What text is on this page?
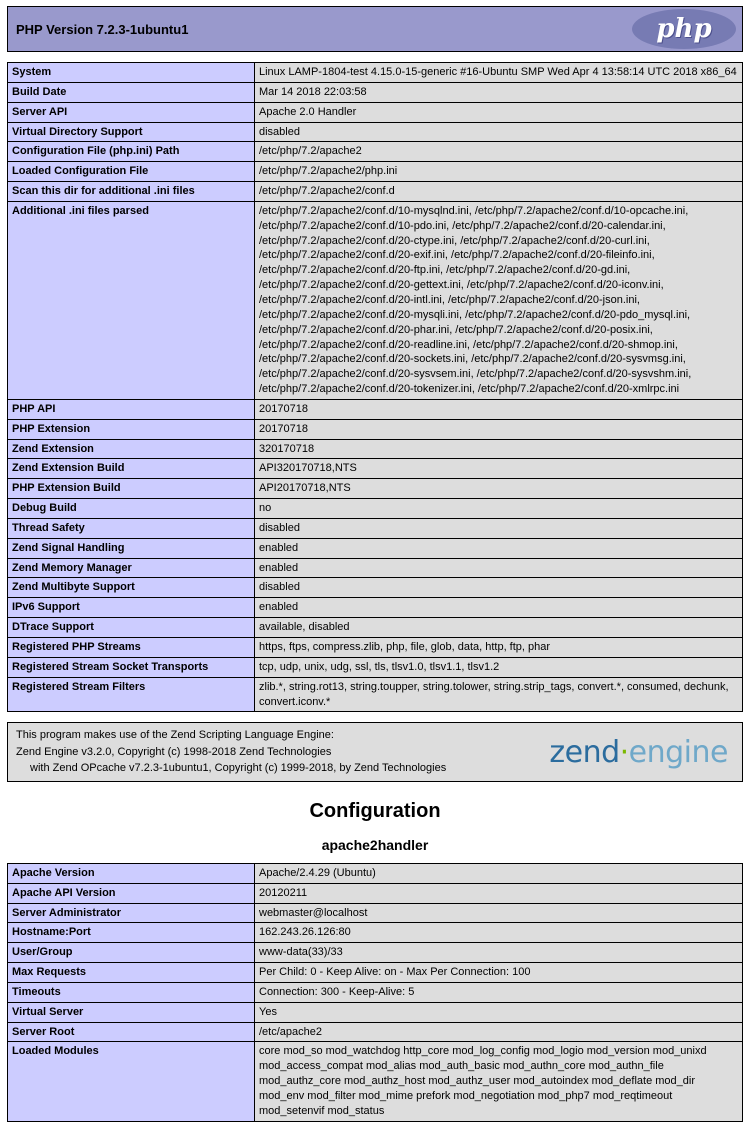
PHP Version 7.2.3-1ubuntu1	php
System	Linux LAMP-1804-test 4.15.0-15-generic #16-Ubuntu SMP Wed Apr 4 13:58:14 UTC 2018 x86_64
Build Date	Mar 14 2018 22:03:58
Server API	Apache 2.0 Handler
Virtual Directory Support	disabled
Configuration File (php.ini) Path	/etc/php/7.2/apache2
Loaded Configuration File	/etc/php/7.2/apache2/php.ini
Scan this dir for additional .ini files	/etc/php/7.2/apache2/conf.d
Additional .ini files parsed	/etc/php/7.2/apache2/conf.d/10-mysqlnd.ini, /etc/php/7.2/apache2/conf.d/10-opcache.ini, /etc/php/7.2/apache2/conf.d/10-pdo.ini, /etc/php/7.2/apache2/conf.d/20-calendar.ini, /etc/php/7.2/apache2/conf.d/20-ctype.ini, /etc/php/7.2/apache2/conf.d/20-curl.ini, /etc/php/7.2/apache2/conf.d/20-exif.ini, /etc/php/7.2/apache2/conf.d/20-fileinfo.ini, /etc/php/7.2/apache2/conf.d/20-ftp.ini, /etc/php/7.2/apache2/conf.d/20-gd.ini, /etc/php/7.2/apache2/conf.d/20-gettext.ini, /etc/php/7.2/apache2/conf.d/20-iconv.ini, /etc/php/7.2/apache2/conf.d/20-intl.ini, /etc/php/7.2/apache2/conf.d/20-json.ini, /etc/php/7.2/apache2/conf.d/20-mysqli.ini, /etc/php/7.2/apache2/conf.d/20-pdo_mysql.ini, /etc/php/7.2/apache2/conf.d/20-phar.ini, /etc/php/7.2/apache2/conf.d/20-posix.ini, /etc/php/7.2/apache2/conf.d/20-readline.ini, /etc/php/7.2/apache2/conf.d/20-shmop.ini, /etc/php/7.2/apache2/conf.d/20-sockets.ini, /etc/php/7.2/apache2/conf.d/20-sysvmsg.ini, /etc/php/7.2/apache2/conf.d/20-sysvsem.ini, /etc/php/7.2/apache2/conf.d/20-sysvshm.ini, /etc/php/7.2/apache2/conf.d/20-tokenizer.ini, /etc/php/7.2/apache2/conf.d/20-xmlrpc.ini
PHP API	20170718
PHP Extension	20170718
Zend Extension	320170718
Zend Extension Build	API320170718,NTS
PHP Extension Build	API20170718,NTS
Debug Build	no
Thread Safety	disabled
Zend Signal Handling	enabled
Zend Memory Manager	enabled
Zend Multibyte Support	disabled
IPv6 Support	enabled
DTrace Support	available, disabled
Registered PHP Streams	https, ftps, compress.zlib, php, file, glob, data, http, ftp, phar
Registered Stream Socket Transports	tcp, udp, unix, udg, ssl, tls, tlsv1.0, tlsv1.1, tlsv1.2
Registered Stream Filters	zlib.*, string.rot13, string.toupper, string.tolower, string.strip_tags, convert.*, consumed, dechunk, convert.iconv.*
This program makes use of the Zend Scripting Language Engine:
Zend Engine v3.2.0, Copyright (c) 1998-2018 Zend Technologies
with Zend OPcache v7.2.3-1ubuntu1, Copyright (c) 1999-2018, by Zend Technologies	zend·engine
Configuration
apache2handler
Apache Version	Apache/2.4.29 (Ubuntu)
Apache API Version	20120211
Server Administrator	webmaster@localhost
Hostname:Port	162.243.26.126:80
User/Group	www-data(33)/33
Max Requests	Per Child: 0 - Keep Alive: on - Max Per Connection: 100
Timeouts	Connection: 300 - Keep-Alive: 5
Virtual Server	Yes
Server Root	/etc/apache2
Loaded Modules	core mod_so mod_watchdog http_core mod_log_config mod_logio mod_version mod_unixd mod_access_compat mod_alias mod_auth_basic mod_authn_core mod_authn_file mod_authz_core mod_authz_host mod_authz_user mod_autoindex mod_deflate mod_dir mod_env mod_filter mod_mime prefork mod_negotiation mod_php7 mod_reqtimeout mod_setenvif mod_status
